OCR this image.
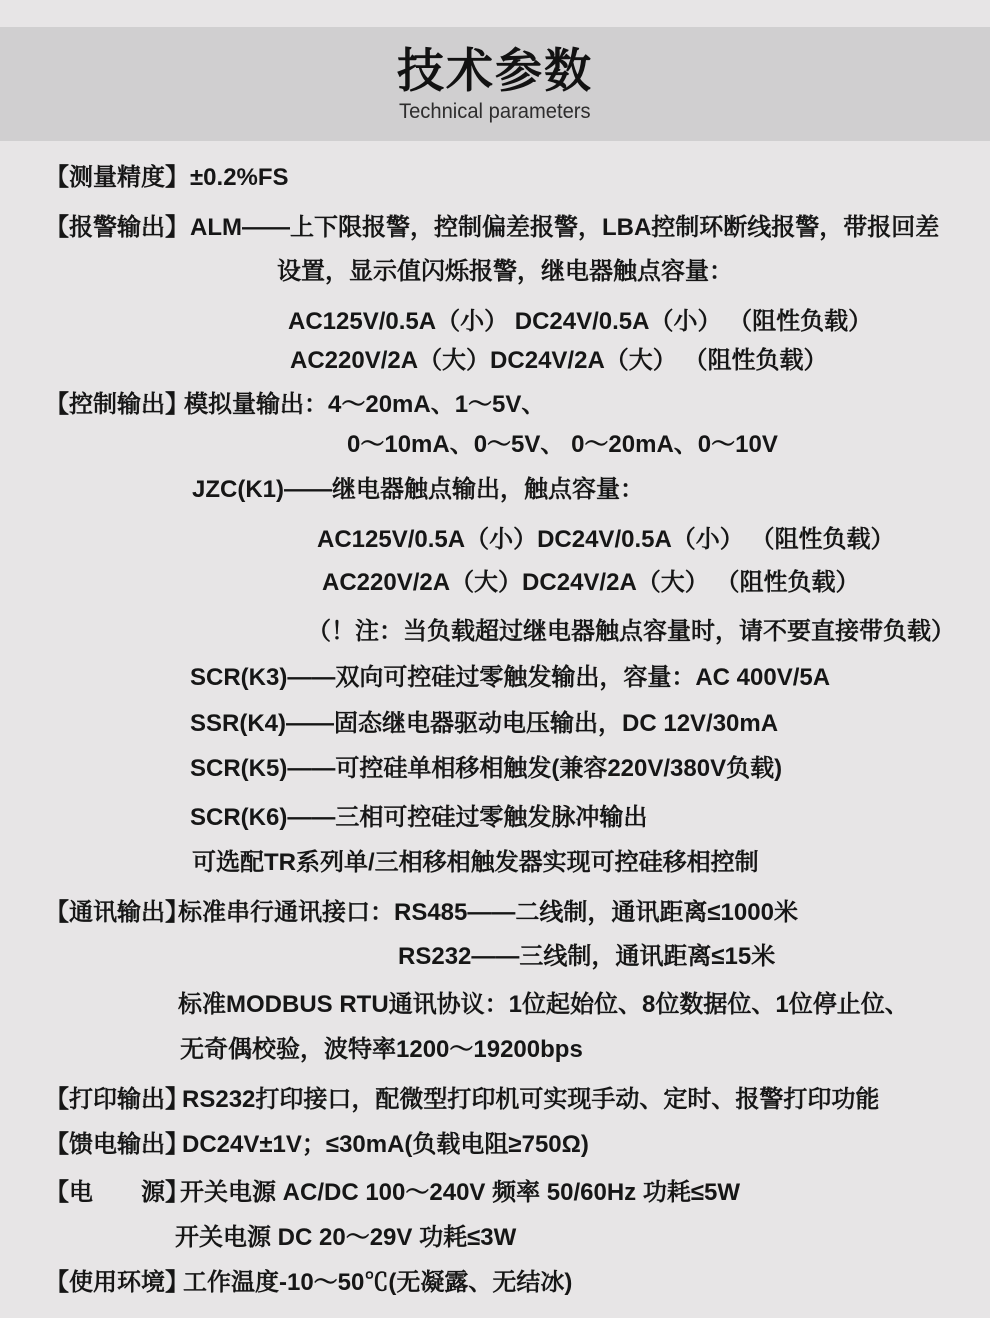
技术参数
Technical parameters
【测量精度】 ±0.2%FS
【报警输出】 ALM——上下限报警，控制偏差报警，LBA控制环断线报警，带报回差
设置，显示值闪烁报警，继电器触点容量：
AC125V/0.5A（小） DC24V/0.5A（小） （阻性负载）
AC220V/2A（大）DC24V/2A（大） （阻性负载）
【控制输出】
模拟量输出：4～20mA、1～5V、
0～10mA、0～5V、 0～20mA、0～10V
JZC(K1)——继电器触点输出，触点容量：
AC125V/0.5A（小）DC24V/0.5A（小） （阻性负载）
AC220V/2A（大）DC24V/2A（大） （阻性负载）
（！注：当负载超过继电器触点容量时，请不要直接带负载）
SCR(K3)——双向可控硅过零触发输出，容量：AC 400V/5A
SSR(K4)——固态继电器驱动电压输出，DC 12V/30mA
SCR(K5)——可控硅单相移相触发(兼容220V/380V负载)
SCR(K6)——三相可控硅过零触发脉冲输出
可选配TR系列单/三相移相触发器实现可控硅移相控制
【通讯输出】
标准串行通讯接口：RS485——二线制，通讯距离≤1000米
RS232——三线制，通讯距离≤15米
标准MODBUS RTU通讯协议：1位起始位、8位数据位、1位停止位、
无奇偶校验，波特率1200～19200bps
【打印输出】
RS232打印接口，配微型打印机可实现手动、定时、报警打印功能
【馈电输出】
DC24V±1V；≤30mA(负载电阻≥750Ω)
【电　　源】
开关电源 AC/DC 100～240V 频率 50/60Hz 功耗≤5W
开关电源 DC 20～29V 功耗≤3W
【使用环境】
工作温度-10～50℃(无凝露、无结冰)
